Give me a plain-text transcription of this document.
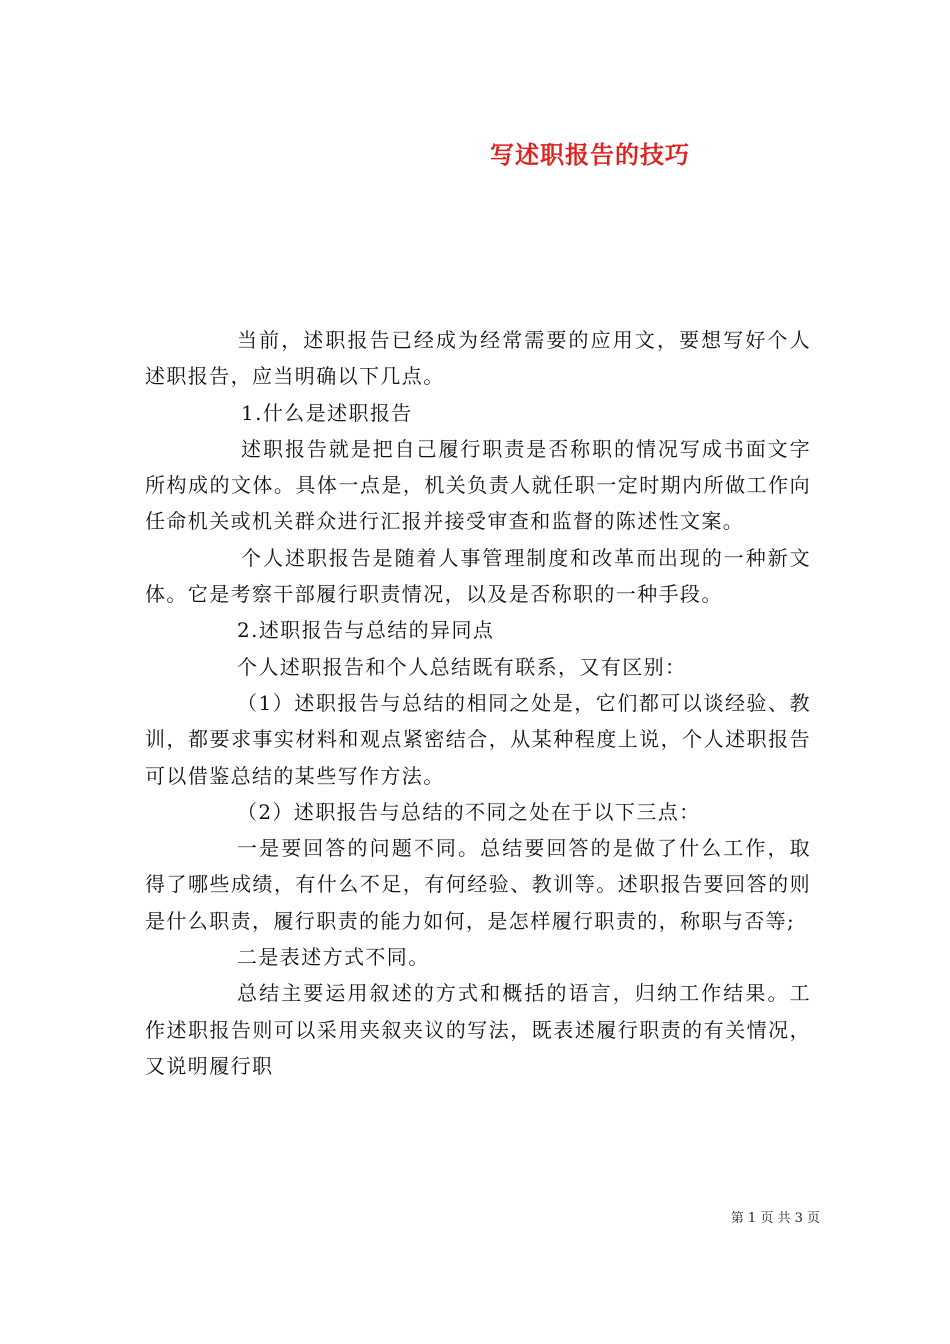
写述职报告的技巧

当前，述职报告已经成为经常需要的应用文，要想写好个人述职报告，应当明确以下几点。

1.什么是述职报告

述职报告就是把自己履行职责是否称职的情况写成书面文字所构成的文体。具体一点是，机关负责人就任职一定时期内所做工作向任命机关或机关群众进行汇报并接受审查和监督的陈述性文案。

个人述职报告是随着人事管理制度和改革而出现的一种新文体。它是考察干部履行职责情况，以及是否称职的一种手段。

2.述职报告与总结的异同点

个人述职报告和个人总结既有联系，又有区别：

（1）述职报告与总结的相同之处是，它们都可以谈经验、教训，都要求事实材料和观点紧密结合，从某种程度上说，个人述职报告可以借鉴总结的某些写作方法。

（2）述职报告与总结的不同之处在于以下三点：

一是要回答的问题不同。总结要回答的是做了什么工作，取得了哪些成绩，有什么不足，有何经验、教训等。述职报告要回答的则是什么职责，履行职责的能力如何，是怎样履行职责的，称职与否等;

二是表述方式不同。

总结主要运用叙述的方式和概括的语言，归纳工作结果。工作述职报告则可以采用夹叙夹议的写法，既表述履行职责的有关情况，又说明履行职

第 1 页 共 3 页
